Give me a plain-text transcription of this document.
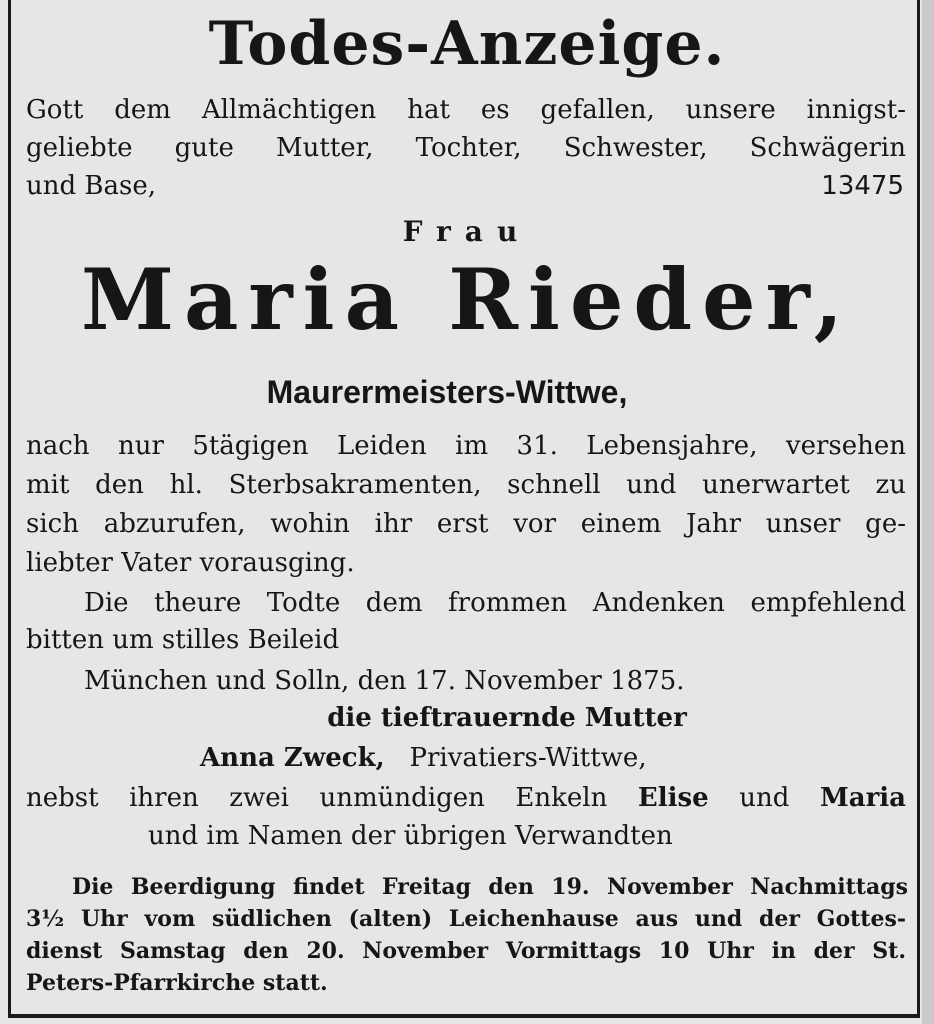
Todes-Anzeige.
Gott dem Allmächtigen hat es gefallen, unsere innigst-
geliebte gute Mutter, Tochter, Schwester, Schwägerin
und Base,	13475
Frau
Maria Rieder,
Maurermeisters-Wittwe,
nach nur 5tägigen Leiden im 31. Lebensjahre, versehen
mit den hl. Sterbsakramenten, schnell und unerwartet zu
sich abzurufen, wohin ihr erst vor einem Jahr unser ge-
liebter Vater vorausging.
Die theure Todte dem frommen Andenken empfehlend
bitten um stilles Beileid
München und Solln, den 17. November 1875.
die tieftrauernde Mutter
Anna Zweck, Privatiers-Wittwe,
nebst ihren zwei unmündigen Enkeln Elise und Maria
und im Namen der übrigen Verwandten
Die Beerdigung findet Freitag den 19. November Nachmittags
3½ Uhr vom südlichen (alten) Leichenhause aus und der Gottes-
dienst Samstag den 20. November Vormittags 10 Uhr in der St.
Peters-Pfarrkirche statt.
